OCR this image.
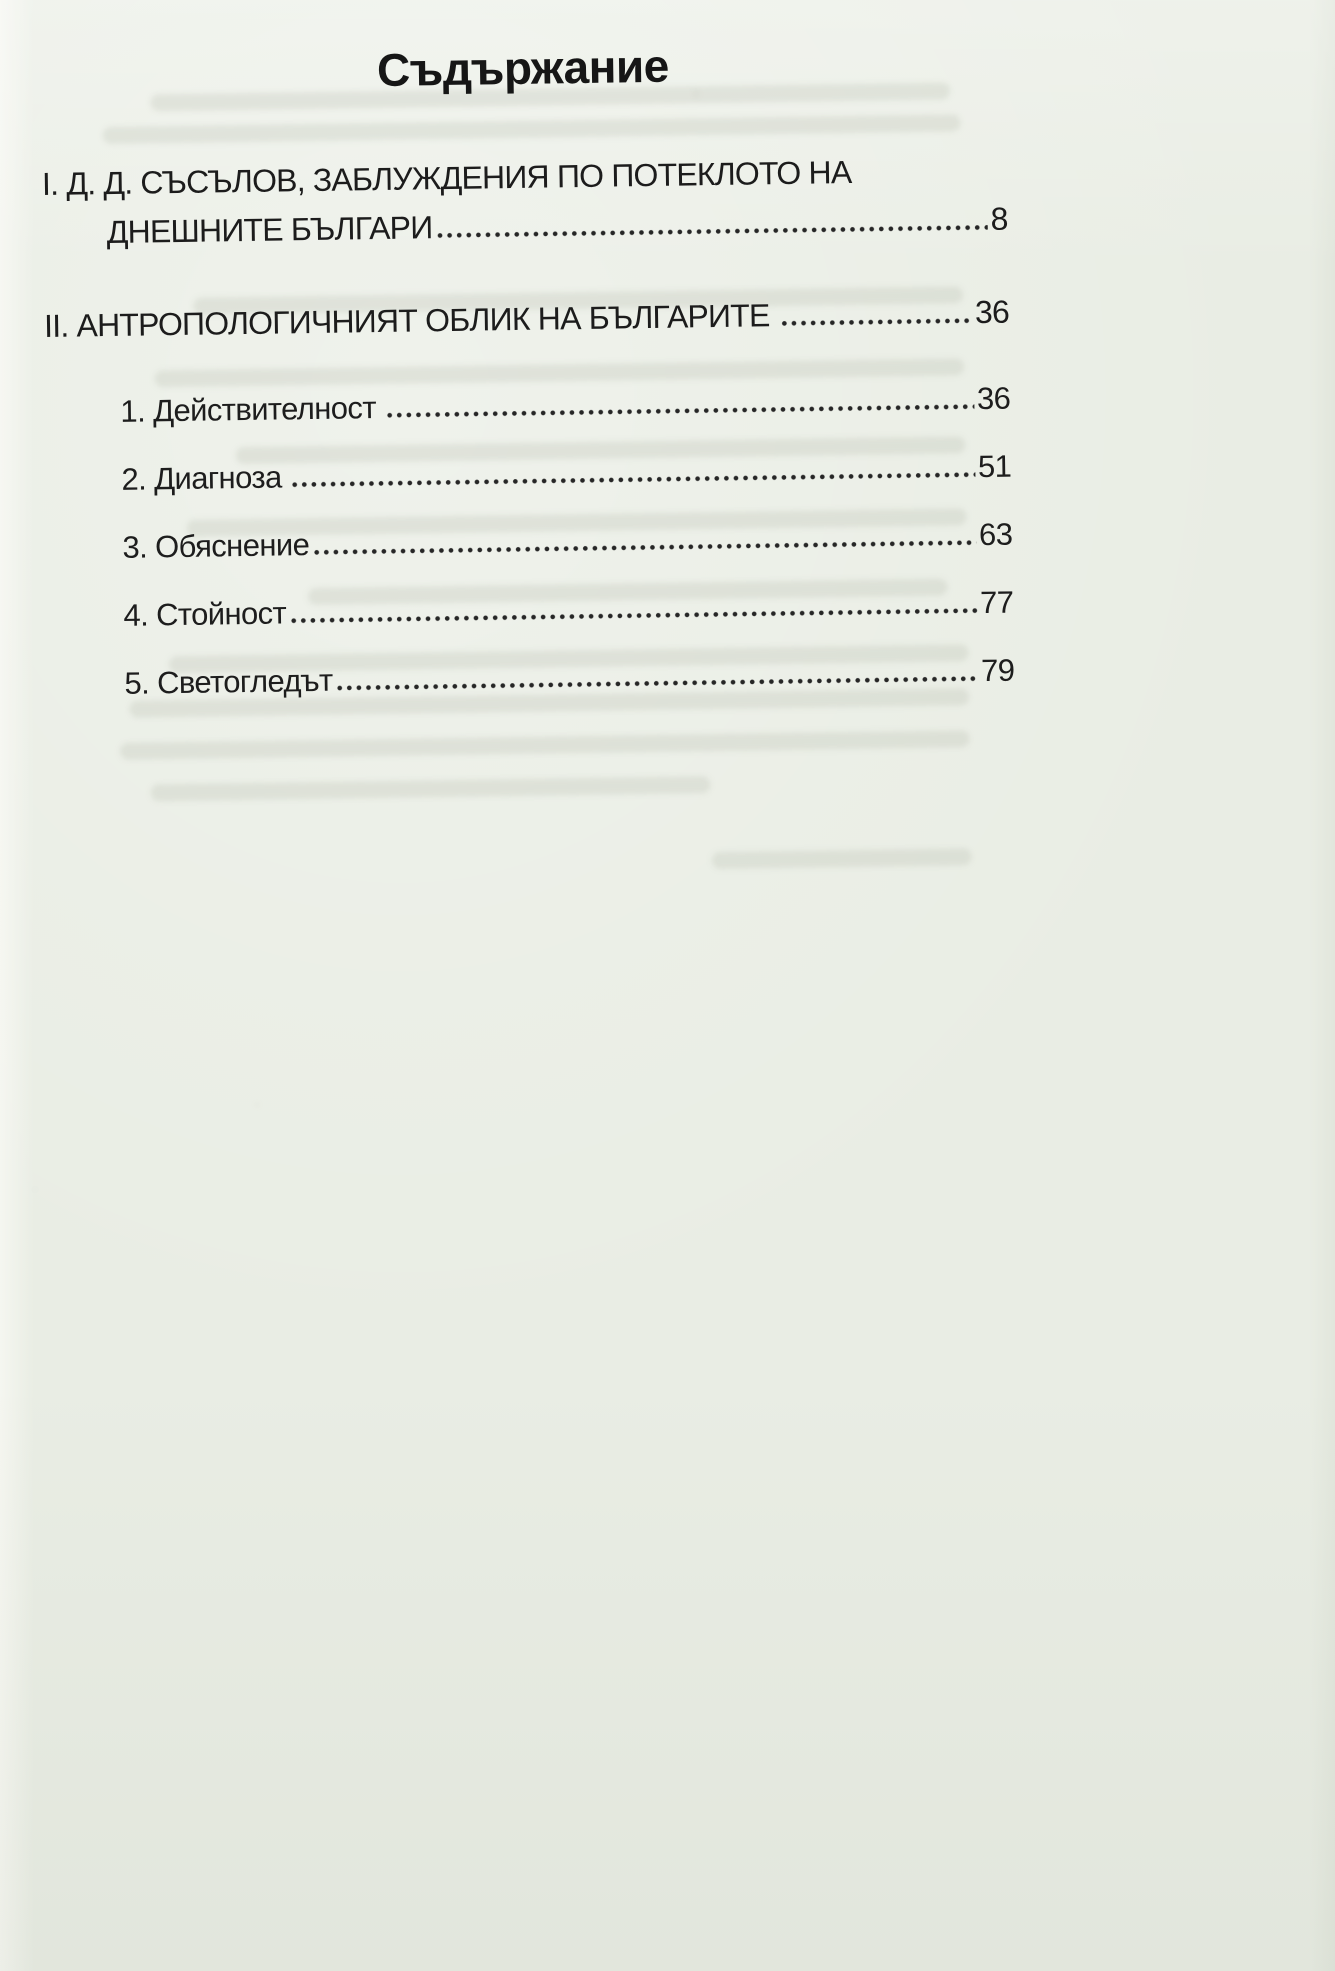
Съдържание
I. Д. Д. СЪСЪЛОВ, ЗАБЛУЖДЕНИЯ ПО ПОТЕКЛОТО НА
ДНЕШНИТЕ БЪЛГАРИ	8
II. АНТРОПОЛОГИЧНИЯТ ОБЛИК НА БЪЛГАРИТЕ	36
1. Действителност	36
2. Диагноза	51
3. Обяснение	63
4. Стойност	77
5. Светогледът	79
